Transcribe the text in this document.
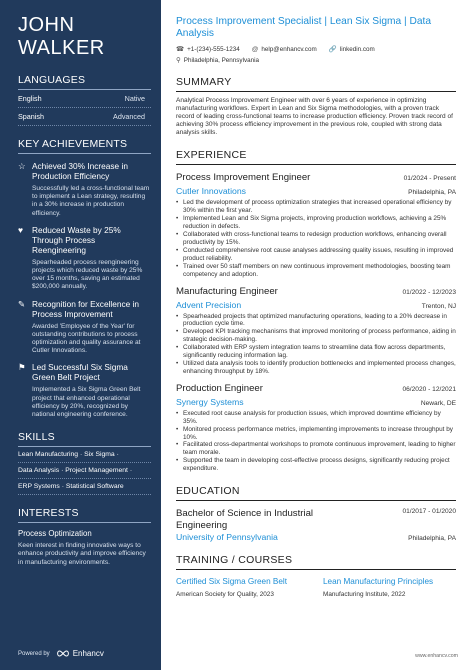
JOHN WALKER
LANGUAGES
English	Native
Spanish	Advanced
KEY ACHIEVEMENTS
☆ Achieved 30% Increase in Production Efficiency
Successfully led a cross-functional team to implement a Lean strategy, resulting in a 30% increase in production efficiency.
♥	Reduced Waste by 25% Through Process Reengineering
Spearheaded process reengineering projects which reduced waste by 25% over 15 months, saving an estimated $200,000 annually.
✎ Recognition for Excellence in Process Improvement
Awarded 'Employee of the Year' for outstanding contributions to process optimization and quality assurance at Cutler Innovations.
⚑ Led Successful Six Sigma Green Belt Project
Implemented a Six Sigma Green Belt project that enhanced operational efficiency by 20%, recognized by national engineering conference.
SKILLS
Lean Manufacturing · Six Sigma ·
Data Analysis · Project Management ·
ERP Systems · Statistical Software
INTERESTS
Process Optimization
Keen interest in finding innovative ways to enhance productivity and improve efficiency in manufacturing environments.
Powered by	Enhancv
Process Improvement Specialist | Lean Six Sigma | Data Analysis
☎ +1-(234)-555-1234 @ help@enhancv.com 🔗 linkedin.com
⚲ Philadelphia, Pennsylvania
SUMMARY

Analytical Process Improvement Engineer with over 6 years of experience in optimizing manufacturing workflows. Expert in Lean and Six Sigma methodologies, with a proven track record of leading cross-functional teams to increase production efficiency. Proven track record of achieving 30% process efficiency improvement in the previous role, coupled with strong data analysis skills.

EXPERIENCE
Process Improvement Engineer	01/2024 - Present
Cutler Innovations	Philadelphia, PA
• Led the development of process optimization strategies that increased operational efficiency by 30% within the first year.
• Implemented Lean and Six Sigma projects, improving production workflows, achieving a 25% reduction in defects.
• Collaborated with cross-functional teams to redesign production workflows, enhancing overall productivity by 15%.
• Conducted comprehensive root cause analyses addressing quality issues, resulting in improved product reliability.
• Trained over 50 staff members on new continuous improvement methodologies, boosting team competency and adoption.
Manufacturing Engineer	01/2022 - 12/2023
Advent Precision	Trenton, NJ
• Spearheaded projects that optimized manufacturing operations, leading to a 20% decrease in production cycle time.
• Developed KPI tracking mechanisms that improved monitoring of process performance, aiding in strategic decision-making.
• Collaborated with ERP system integration teams to streamline data flow across departments, significantly reducing information lag.
• Utilized data analysis tools to identify production bottlenecks and implemented process changes, enhancing throughput by 18%.
Production Engineer	06/2020 - 12/2021
Synergy Systems	Newark, DE
• Executed root cause analysis for production issues, which improved downtime efficiency by 35%.
• Monitored process performance metrics, implementing improvements to increase throughput by 10%.
• Facilitated cross-departmental workshops to promote continuous improvement, leading to higher team morale.
• Supported the team in developing cost-effective process designs, significantly reducing project expenditure.
EDUCATION
Bachelor of Science in Industrial Engineering
01/2017 - 01/2020
University of Pennsylvania	Philadelphia, PA
TRAINING / COURSES
Certified Six Sigma Green Belt
American Society for Quality, 2023
Lean Manufacturing Principles
Manufacturing Institute, 2022
www.enhancv.com
